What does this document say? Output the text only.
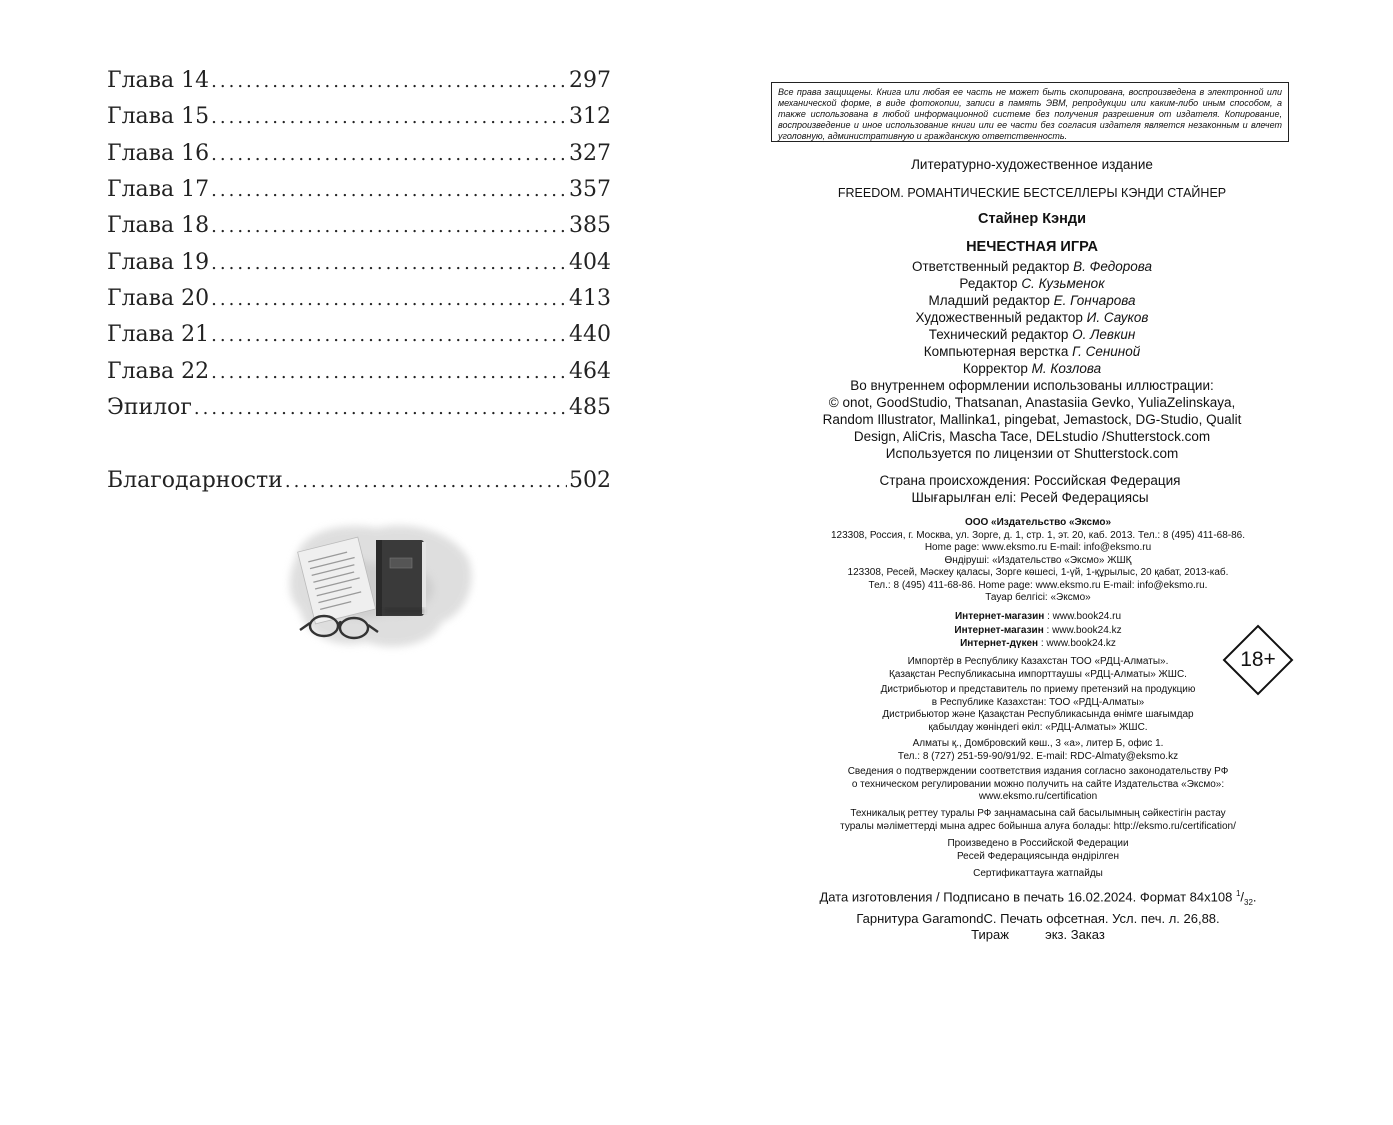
Глава 14 .....	297
Глава 15 .....	312
Глава 16 .....	327
Глава 17 .....	357
Глава 18 .....	385
Глава 19 .....	404
Глава 20 .....	413
Глава 21 .....	440
Глава 22 .....	464
Эпилог .....	485
Благодарности .....	502

Все права защищены. Книга или любая ее часть не может быть скопирована, воспроизведена в электронной или механической форме, в виде фотокопии, записи в память ЭВМ, репродукции или каким-либо иным способом, а также использована в любой информационной системе без получения разрешения от издателя. Копирование, воспроизведение и иное использование книги или ее части без согласия издателя является незаконным и влечет уголовную, административную и гражданскую ответственность.

Литературно-художественное издание
FREEDOM. РОМАНТИЧЕСКИЕ БЕСТСЕЛЛЕРЫ КЭНДИ СТАЙНЕР
Стайнер Кэнди
НЕЧЕСТНАЯ ИГРА
Ответственный редактор В. Федорова
Редактор С. Кузьменок
Младший редактор Е. Гончарова
Художественный редактор И. Сауков
Технический редактор О. Левкин
Компьютерная верстка Г. Сениной
Корректор М. Козлова
Во внутреннем оформлении использованы иллюстрации:
© onot, GoodStudio, Thatsanan, Anastasiia Gevko, YuliaZelinskaya,
Random Illustrator, Mallinka1, pingebat, Jemastock, DG-Studio, Qualit
Design, AliCris, Mascha Tace, DELstudio /Shutterstock.com
Используется по лицензии от Shutterstock.com
Страна происхождения: Российская Федерация
Шығарылған елі: Ресей Федерациясы
ООО «Издательство «Эксмо»
123308, Россия, г. Москва, ул. Зорге, д. 1, стр. 1, эт. 20, каб. 2013. Тел.: 8 (495) 411-68-86.
Home page: www.eksmo.ru E-mail: info@eksmo.ru
Өндіруші: «Издательство «Эксмо» ЖШҚ
123308, Ресей, Мәскеу қаласы, Зорге көшесі, 1-үй, 1-құрылыс, 20 қабат, 2013-каб.
Тел.: 8 (495) 411-68-86. Home page: www.eksmo.ru E-mail: info@eksmo.ru.
Тауар белгісі: «Эксмо»
Интернет-магазин : www.book24.ru
Интернет-магазин : www.book24.kz
Интернет-дүкен : www.book24.kz
Импортёр в Республику Казахстан ТОО «РДЦ-Алматы».
Қазақстан Республикасына импорттаушы «РДЦ-Алматы» ЖШС.
Дистрибьютор и представитель по приему претензий на продукцию
в Республике Казахстан: ТОО «РДЦ-Алматы»
Дистрибьютор және Қазақстан Республикасында өнімге шағымдар
қабылдау жөніндегі өкіл: «РДЦ-Алматы» ЖШС.
Алматы қ., Домбровский көш., 3 «а», литер Б, офис 1.
Тел.: 8 (727) 251-59-90/91/92. E-mail: RDC-Almaty@eksmo.kz
Сведения о подтверждении соответствия издания согласно законодательству РФ
о техническом регулировании можно получить на сайте Издательства «Эксмо»:
www.eksmo.ru/certification
Техникалық реттеу туралы РФ заңнамасына сай басылымның сәйкестігін растау
туралы мәліметтерді мына адрес бойынша алуға болады: http://eksmo.ru/certification/
Произведено в Российской Федерации
Ресей Федерациясында өндірілген
Сертификаттауға жатпайды
Дата изготовления / Подписано в печать 16.02.2024. Формат 84x108 $^1/_{32}$.
Гарнитура GaramondC. Печать офсетная. Усл. печ. л. 26,88.
Тираж          экз. Заказ
18+
